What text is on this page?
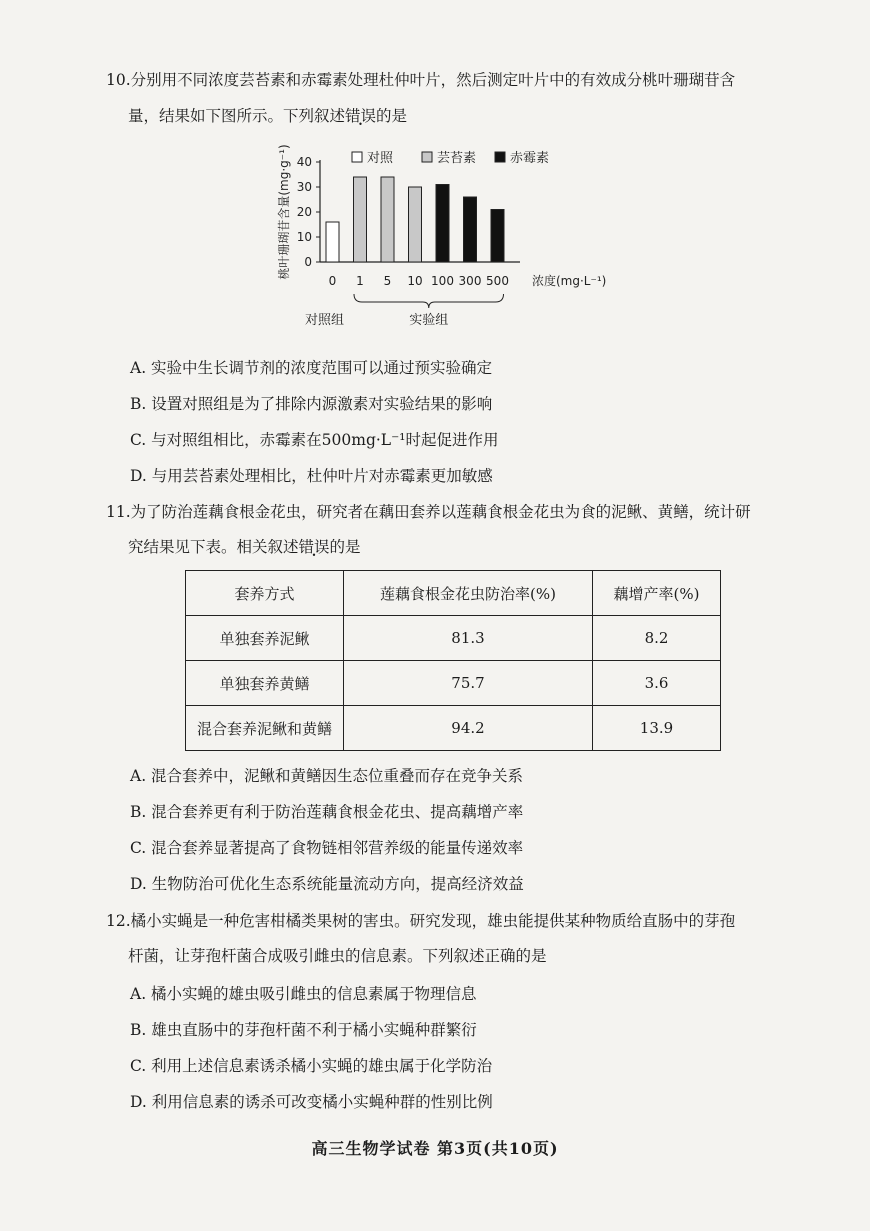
10.分别用不同浓度芸苔素和赤霉素处理杜仲叶片，然后测定叶片中的有效成分桃叶珊瑚苷含
量，结果如下图所示。下列叙述错误的是
0
10
20
30
40
桃叶珊瑚苷含量(mg·g⁻¹)
0 1 5 10 100 300 500 浓度(mg·L⁻¹)
对照	芸苔素	赤霉素
对照组	实验组
A. 实验中生长调节剂的浓度范围可以通过预实验确定
B. 设置对照组是为了排除内源激素对实验结果的影响
C. 与对照组相比，赤霉素在500mg·L⁻¹时起促进作用
D. 与用芸苔素处理相比，杜仲叶片对赤霉素更加敏感
11.为了防治莲藕食根金花虫，研究者在藕田套养以莲藕食根金花虫为食的泥鳅、黄鳝，统计研
究结果见下表。相关叙述错误的是
套养方式	莲藕食根金花虫防治率(%)	藕增产率(%)
单独套养泥鳅	81.3	8.2
单独套养黄鳝	75.7	3.6
混合套养泥鳅和黄鳝	94.2	13.9
A. 混合套养中，泥鳅和黄鳝因生态位重叠而存在竞争关系
B. 混合套养更有利于防治莲藕食根金花虫、提高藕增产率
C. 混合套养显著提高了食物链相邻营养级的能量传递效率
D. 生物防治可优化生态系统能量流动方向，提高经济效益
12.橘小实蝇是一种危害柑橘类果树的害虫。研究发现，雄虫能提供某种物质给直肠中的芽孢
杆菌，让芽孢杆菌合成吸引雌虫的信息素。下列叙述正确的是
A. 橘小实蝇的雄虫吸引雌虫的信息素属于物理信息
B. 雄虫直肠中的芽孢杆菌不利于橘小实蝇种群繁衍
C. 利用上述信息素诱杀橘小实蝇的雄虫属于化学防治
D. 利用信息素的诱杀可改变橘小实蝇种群的性别比例
高三生物学试卷 第3页(共10页)
